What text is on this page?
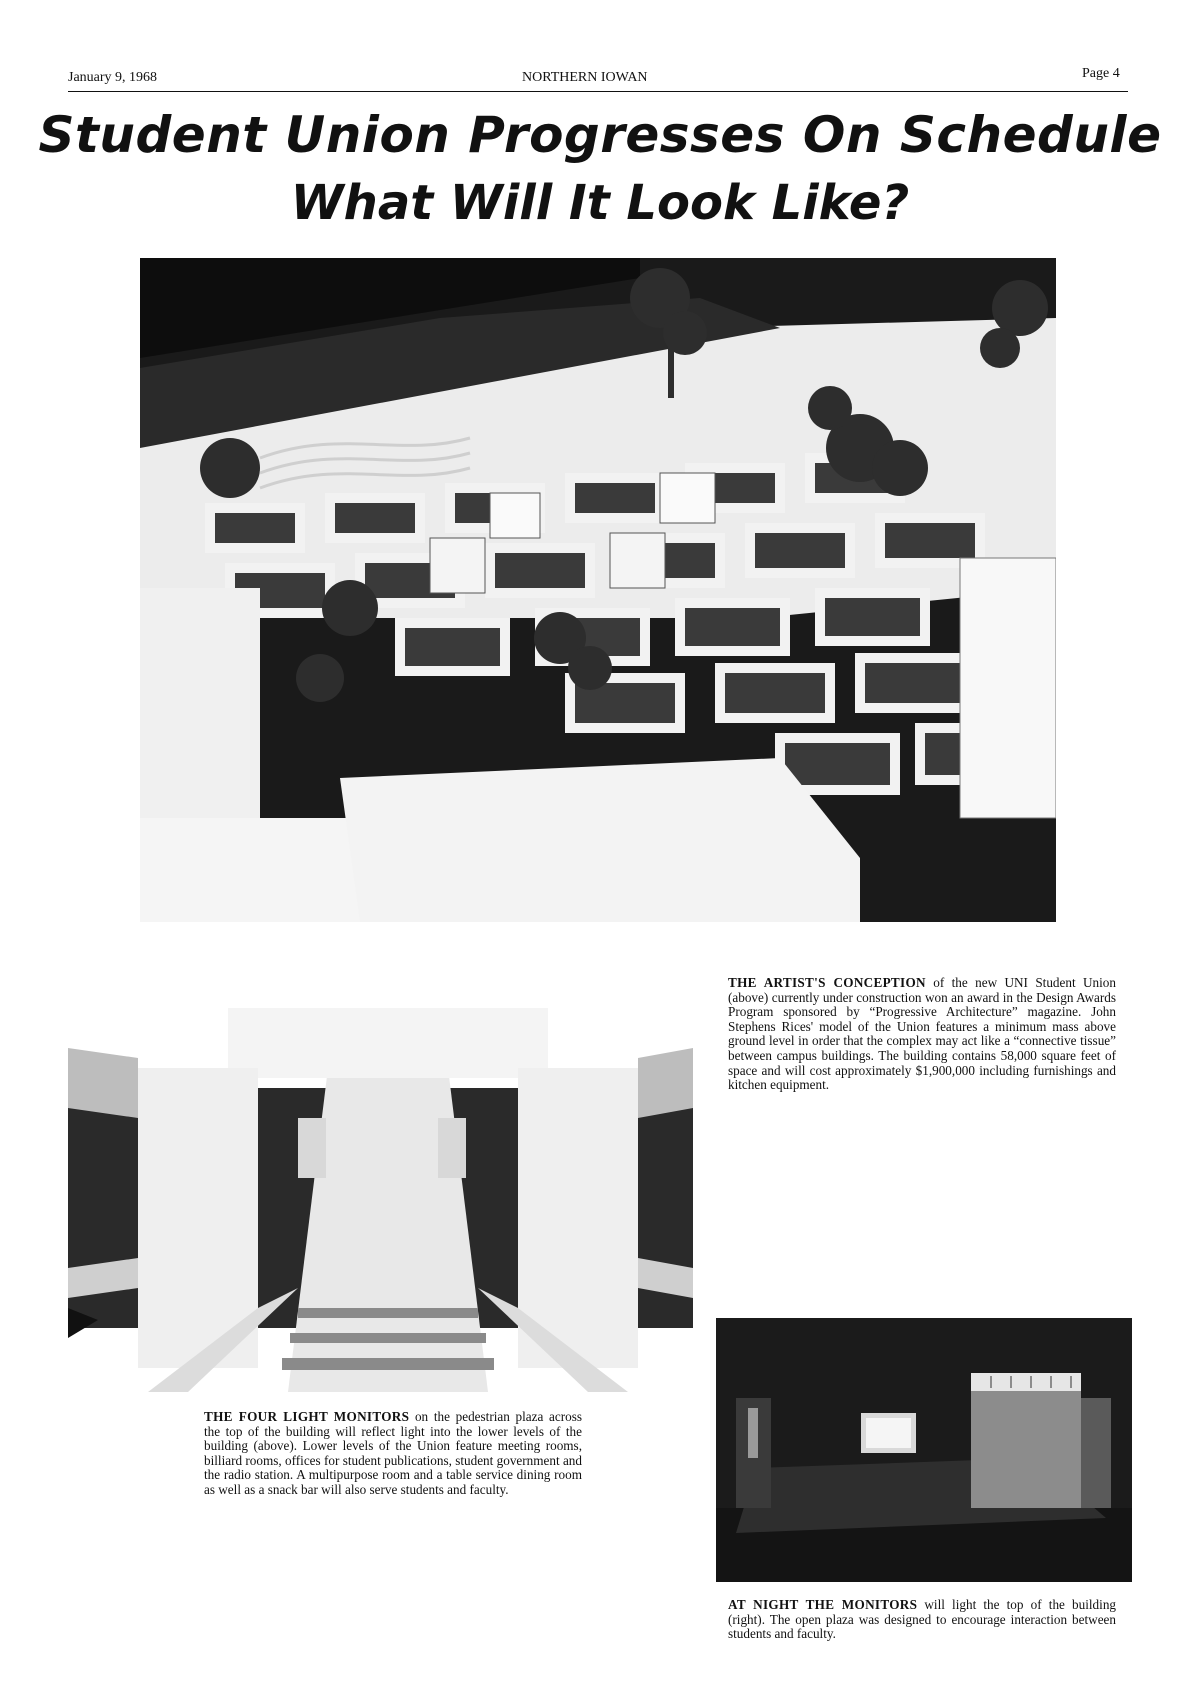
January 9, 1968	NORTHERN IOWAN	Page 4
Student Union Progresses On Schedule
What Will It Look Like?

THE ARTIST'S CONCEPTION of the new UNI Student Union (above) currently under construction won an award in the Design Awards Program sponsored by “Progressive Architecture” magazine. John Stephens Rices' model of the Union features a minimum mass above ground level in order that the complex may act like a “connective tissue” between campus buildings. The building contains 58,000 square feet of space and will cost approximately $1,900,000 including furnishings and kitchen equipment.

THE FOUR LIGHT MONITORS on the pedestrian plaza across the top of the building will reflect light into the lower levels of the building (above). Lower levels of the Union feature meeting rooms, billiard rooms, offices for student publications, student government and the radio station. A multipurpose room and a table service dining room as well as a snack bar will also serve students and faculty.

AT NIGHT THE MONITORS will light the top of the building (right). The open plaza was designed to encourage interaction between students and faculty.
